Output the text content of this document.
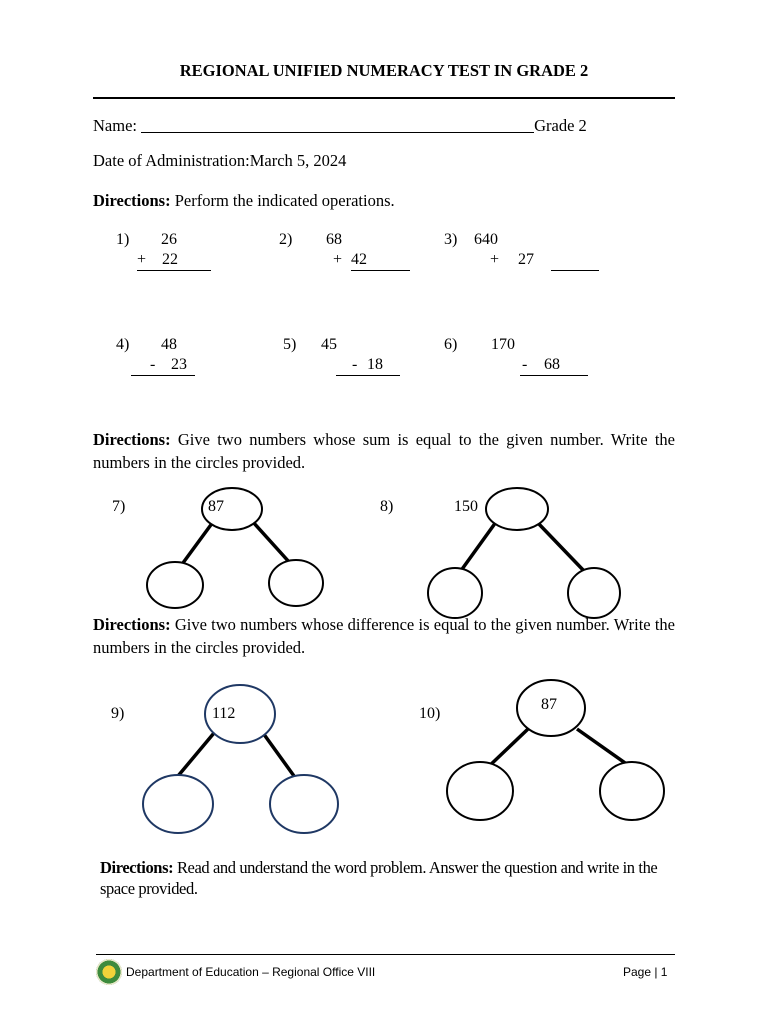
REGIONAL UNIFIED NUMERACY TEST IN GRADE 2
Name:	Grade 2
Date of Administration:March 5, 2024
Directions: Perform the indicated operations.
1) 26
+ 22
2) 68
+ 42
3) 640
+ 27
4) 48
- 23
5) 45
- 18
6) 170
- 68
Directions: Give two numbers whose sum is equal to the given number. Write the numbers in the circles provided.
7)	87	8)	150
Directions: Give two numbers whose difference is equal to the given number. Write the numbers in the circles provided.
9)	112	10)
87
Directions: Read and understand the word problem. Answer the question and write in the space provided.
Department of Education – Regional Office VIII	Page | 1
